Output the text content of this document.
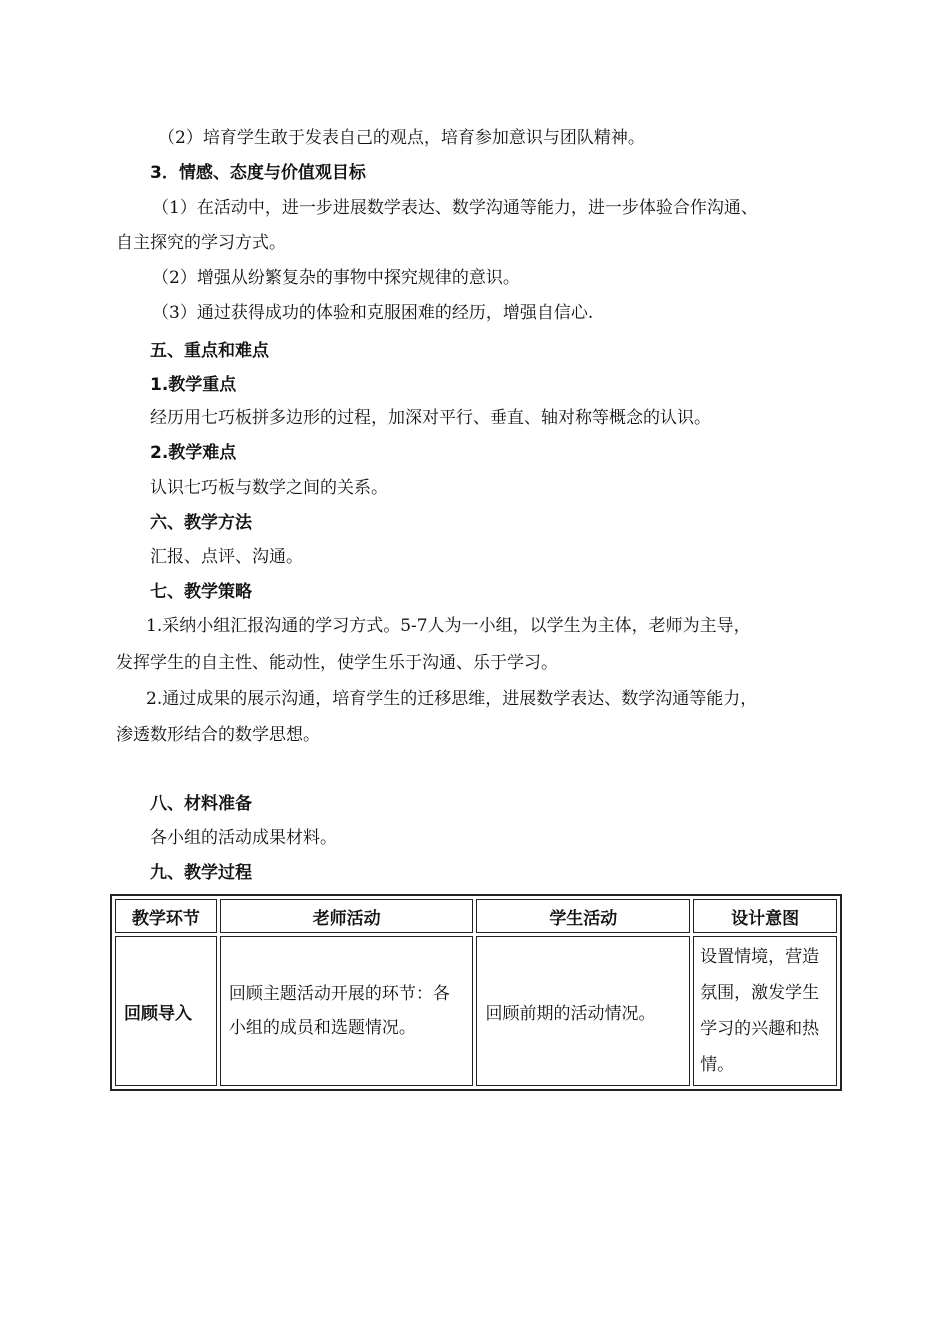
（2）培育学生敢于发表自己的观点，培育参加意识与团队精神。
3．情感、态度与价值观目标
（1）在活动中，进一步进展数学表达、数学沟通等能力，进一步体验合作沟通、
自主探究的学习方式。
（2）增强从纷繁复杂的事物中探究规律的意识。
（3）通过获得成功的体验和克服困难的经历，增强自信心.
五、重点和难点
1.教学重点
经历用七巧板拼多边形的过程，加深对平行、垂直、轴对称等概念的认识。
2.教学难点
认识七巧板与数学之间的关系。
六、教学方法
汇报、点评、沟通。
七、教学策略
1.采纳小组汇报沟通的学习方式。5-7人为一小组，以学生为主体，老师为主导，
发挥学生的自主性、能动性，使学生乐于沟通、乐于学习。
2.通过成果的展示沟通，培育学生的迁移思维，进展数学表达、数学沟通等能力，
渗透数形结合的数学思想。
八、材料准备
各小组的活动成果材料。
九、教学过程
教学环节	老师活动	学生活动	设计意图
回顾导入	回顾主题活动开展的环节：各小组的成员和选题情况。	回顾前期的活动情况。	设置情境，营造氛围，激发学生学习的兴趣和热情。
